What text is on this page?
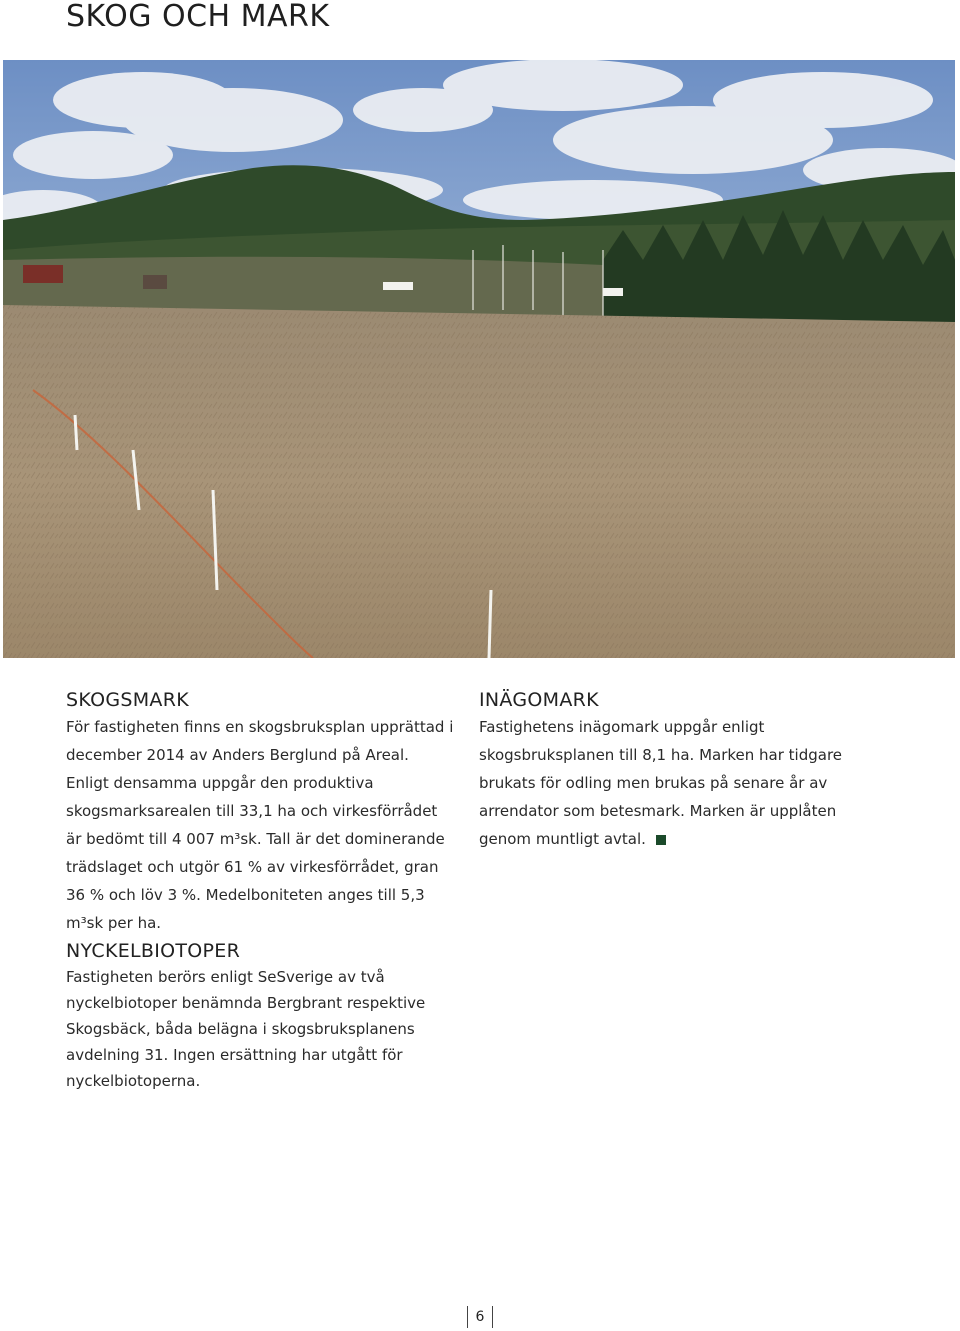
SKOG OCH MARK
SKOGSMARK

För fastigheten finns en skogsbruksplan upprättad i december 2014 av Anders Berglund på Areal. Enligt densamma uppgår den produktiva skogsmarksarealen till 33,1 ha och virkesförrådet är bedömt till 4 007 m³sk. Tall är det dominerande trädslaget och utgör 61 % av virkesförrådet, gran 36 % och löv 3 %. Medelboniteten anges till 5,3 m³sk per ha.

INÄGOMARK

Fastighetens inägomark uppgår enligt skogsbruksplanen till 8,1 ha. Marken har tidgare brukats för odling men brukas på senare år av arrendator som betesmark. Marken är upplåten genom muntligt avtal.

NYCKELBIOTOPER

Fastigheten berörs enligt SeSverige av två nyckelbiotoper benämnda Bergbrant respektive Skogsbäck, båda belägna i skogsbruksplanens avdelning 31. Ingen ersättning har utgått för nyckelbiotoperna.

6
